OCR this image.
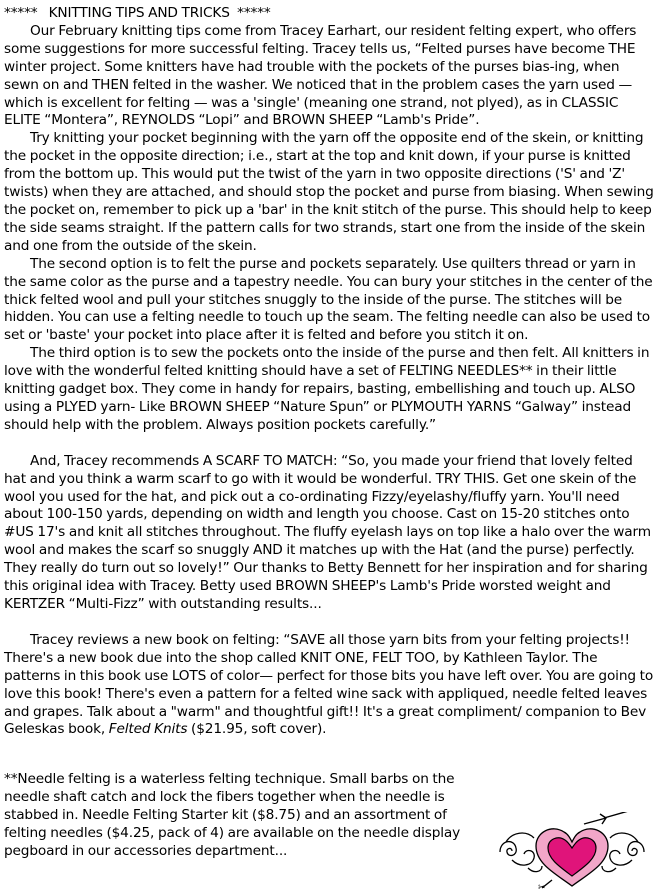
*****   KNITTING TIPS AND TRICKS  *****

Our February knitting tips come from Tracey Earhart, our resident felting expert, who offers some suggestions for more successful felting. Tracey tells us, “Felted purses have become THE winter project. Some knitters have had trouble with the pockets of the purses bias-ing, when sewn on and THEN felted in the washer. We noticed that in the problem cases the yarn used — which is excellent for felting — was a 'single' (meaning one strand, not plyed), as in CLASSIC ELITE “Montera”, REYNOLDS “Lopi” and BROWN SHEEP “Lamb's Pride”.

Try knitting your pocket beginning with the yarn off the opposite end of the skein, or knitting the pocket in the opposite direction; i.e., start at the top and knit down, if your purse is knitted from the bottom up. This would put the twist of the yarn in two opposite directions ('S' and 'Z' twists) when they are attached, and should stop the pocket and purse from biasing. When sewing the pocket on, remember to pick up a 'bar' in the knit stitch of the purse. This should help to keep the side seams straight. If the pattern calls for two strands, start one from the inside of the skein and one from the outside of the skein.

The second option is to felt the purse and pockets separately. Use quilters thread or yarn in the same color as the purse and a tapestry needle. You can bury your stitches in the center of the thick felted wool and pull your stitches snuggly to the inside of the purse. The stitches will be hidden. You can use a felting needle to touch up the seam. The felting needle can also be used to set or 'baste' your pocket into place after it is felted and before you stitch it on.

The third option is to sew the pockets onto the inside of the purse and then felt. All knitters in love with the wonderful felted knitting should have a set of FELTING NEEDLES** in their little knitting gadget box. They come in handy for repairs, basting, embellishing and touch up. ALSO using a PLYED yarn- Like BROWN SHEEP “Nature Spun” or PLYMOUTH YARNS “Galway” instead should help with the problem. Always position pockets carefully.”

And, Tracey recommends A SCARF TO MATCH: “So, you made your friend that lovely felted hat and you think a warm scarf to go with it would be wonderful. TRY THIS. Get one skein of the wool you used for the hat, and pick out a co-ordinating Fizzy/eyelashy/fluffy yarn. You'll need about 100-150 yards, depending on width and length you choose. Cast on 15-20 stitches onto #US 17's and knit all stitches throughout. The fluffy eyelash lays on top like a halo over the warm wool and makes the scarf so snuggly AND it matches up with the Hat (and the purse) perfectly. They really do turn out so lovely!” Our thanks to Betty Bennett for her inspiration and for sharing this original idea with Tracey. Betty used BROWN SHEEP's Lamb's Pride worsted weight and KERTZER “Multi-Fizz” with outstanding results...

Tracey reviews a new book on felting: “SAVE all those yarn bits from your felting projects!! There's a new book due into the shop called KNIT ONE, FELT TOO, by Kathleen Taylor. The patterns in this book use LOTS of color— perfect for those bits you have left over. You are going to love this book! There's even a pattern for a felted wine sack with appliqued, needle felted leaves and grapes. Talk about a "warm" and thoughtful gift!! It's a great compliment/ companion to Bev Geleskas book, Felted Knits ($21.95, soft cover).

**Needle felting is a waterless felting technique. Small barbs on the needle shaft catch and lock the fibers together when the needle is stabbed in. Needle Felting Starter kit ($8.75) and an assortment of felting needles ($4.25, pack of 4) are available on the needle display pegboard in our accessories department...

✂
